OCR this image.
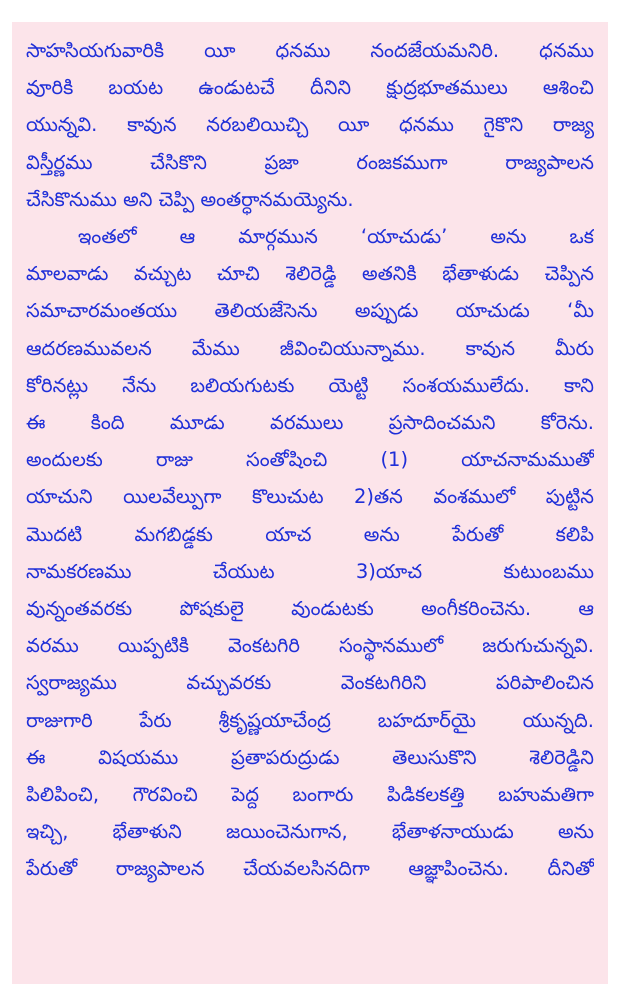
సాహసియగువారికి యీ ధనము నందజేయమనిరి. ధనము
వూరికి బయట ఉండుటచే దీనిని క్షుద్రభూతములు ఆశించి
యున్నవి. కావున నరబలియిచ్చి యీ ధనము గైకొని రాజ్య
విస్తీర్ణము చేసికొని ప్రజా రంజకముగా రాజ్యపాలన
చేసికొనుము అని చెప్పి అంతర్ధానమయ్యెను.
ఇంతలో ఆ మార్గమున ‘యాచుడు’ అను ఒక
మాలవాడు వచ్చుట చూచి శెలిరెడ్డి అతనికి భేతాళుడు చెప్పిన
సమాచారమంతయు తెలియజేసెను అప్పుడు యాచుడు ‘మీ
ఆదరణమువలన మేము జీవించియున్నాము. కావున మీరు
కోరినట్లు నేను బలియగుటకు యెట్టి సంశయములేదు. కాని
ఈ కింది మూడు వరములు ప్రసాదించమని కోరెను.
అందులకు రాజు సంతోషించి (1) యాచనామముతో
యాచుని యిలవేల్పుగా కొలుచుట 2)తన వంశములో పుట్టిన
మొదటి మగబిడ్డకు యాచ అను పేరుతో కలిపి
నామకరణము చేయుట 3)యాచ కుటుంబము
వున్నంతవరకు పోషకులై వుండుటకు అంగీకరించెను. ఆ
వరము యిప్పటికి వెంకటగిరి సంస్థానములో జరుగుచున్నవి.
స్వరాజ్యము వచ్చువరకు వెంకటగిరిని పరిపాలించిన
రాజుగారి పేరు శ్రీకృష్ణయాచేంద్ర బహదూర్‌యై యున్నది.
ఈ విషయము ప్రతాపరుద్రుడు తెలుసుకొని శెలిరెడ్డిని
పిలిపించి, గౌరవించి పెద్ద బంగారు పిడికలకత్తి బహుమతిగా
ఇచ్చి, భేతాళుని జయించెనుగాన, భేతాళనాయుడు అను
పేరుతో రాజ్యపాలన చేయవలసినదిగా ఆజ్ఞాపించెను. దీనితో
